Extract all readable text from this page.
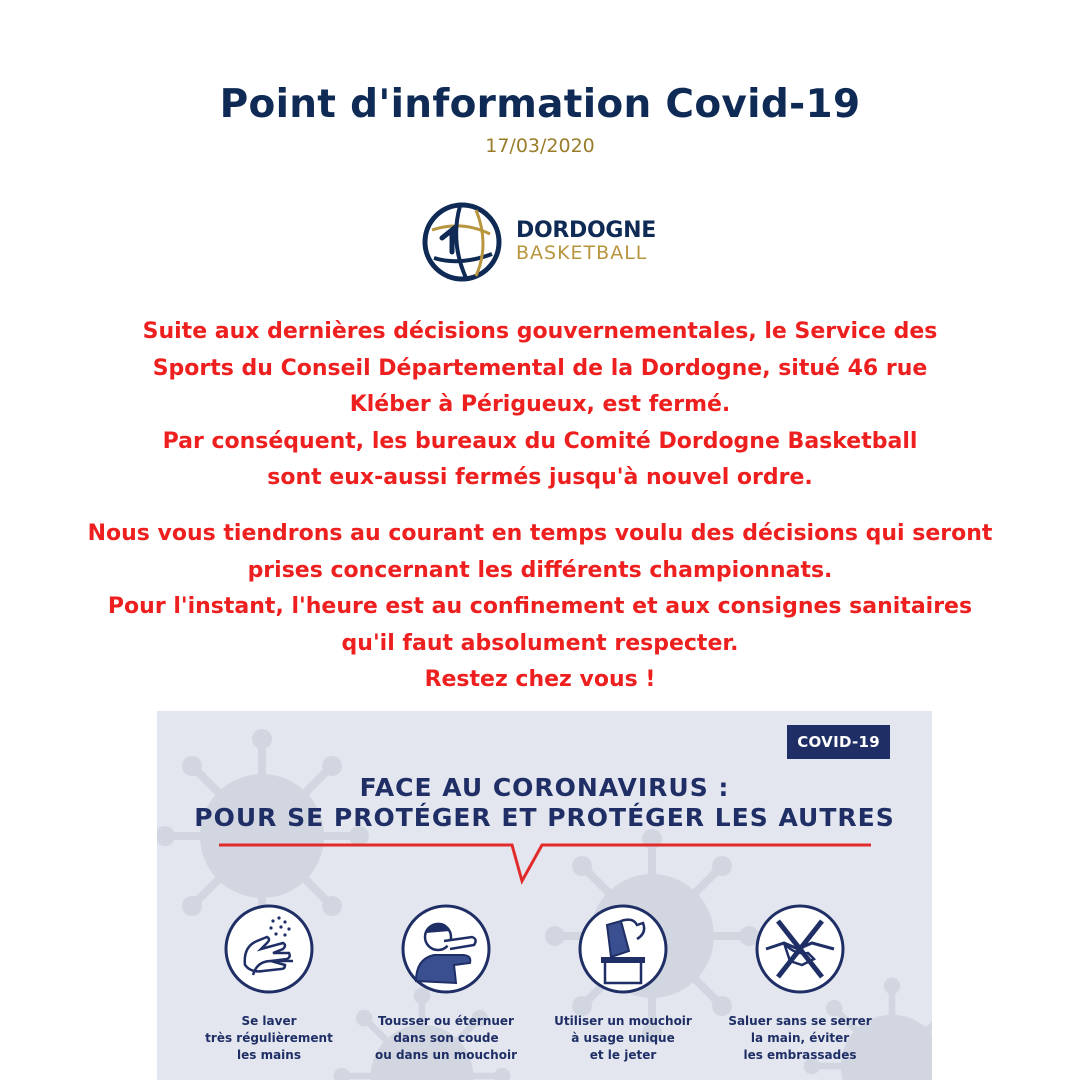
Point d'information Covid-19
17/03/2020
DORDOGNE
BASKETBALL

Suite aux dernières décisions gouvernementales, le Service des
Sports du Conseil Départemental de la Dordogne, situé 46 rue
Kléber à Périgueux, est fermé.
Par conséquent, les bureaux du Comité Dordogne Basketball
sont eux-aussi fermés jusqu'à nouvel ordre.

Nous vous tiendrons au courant en temps voulu des décisions qui seront
prises concernant les différents championnats.
Pour l'instant, l'heure est au confinement et aux consignes sanitaires
qu'il faut absolument respecter.
Restez chez vous !

COVID-19
FACE AU CORONAVIRUS :
POUR SE PROTÉGER ET PROTÉGER LES AUTRES
Se laver
très régulièrement
les mains
Tousser ou éternuer
dans son coude
ou dans un mouchoir
Utiliser un mouchoir
à usage unique
et le jeter
Saluer sans se serrer
la main, éviter
les embrassades
